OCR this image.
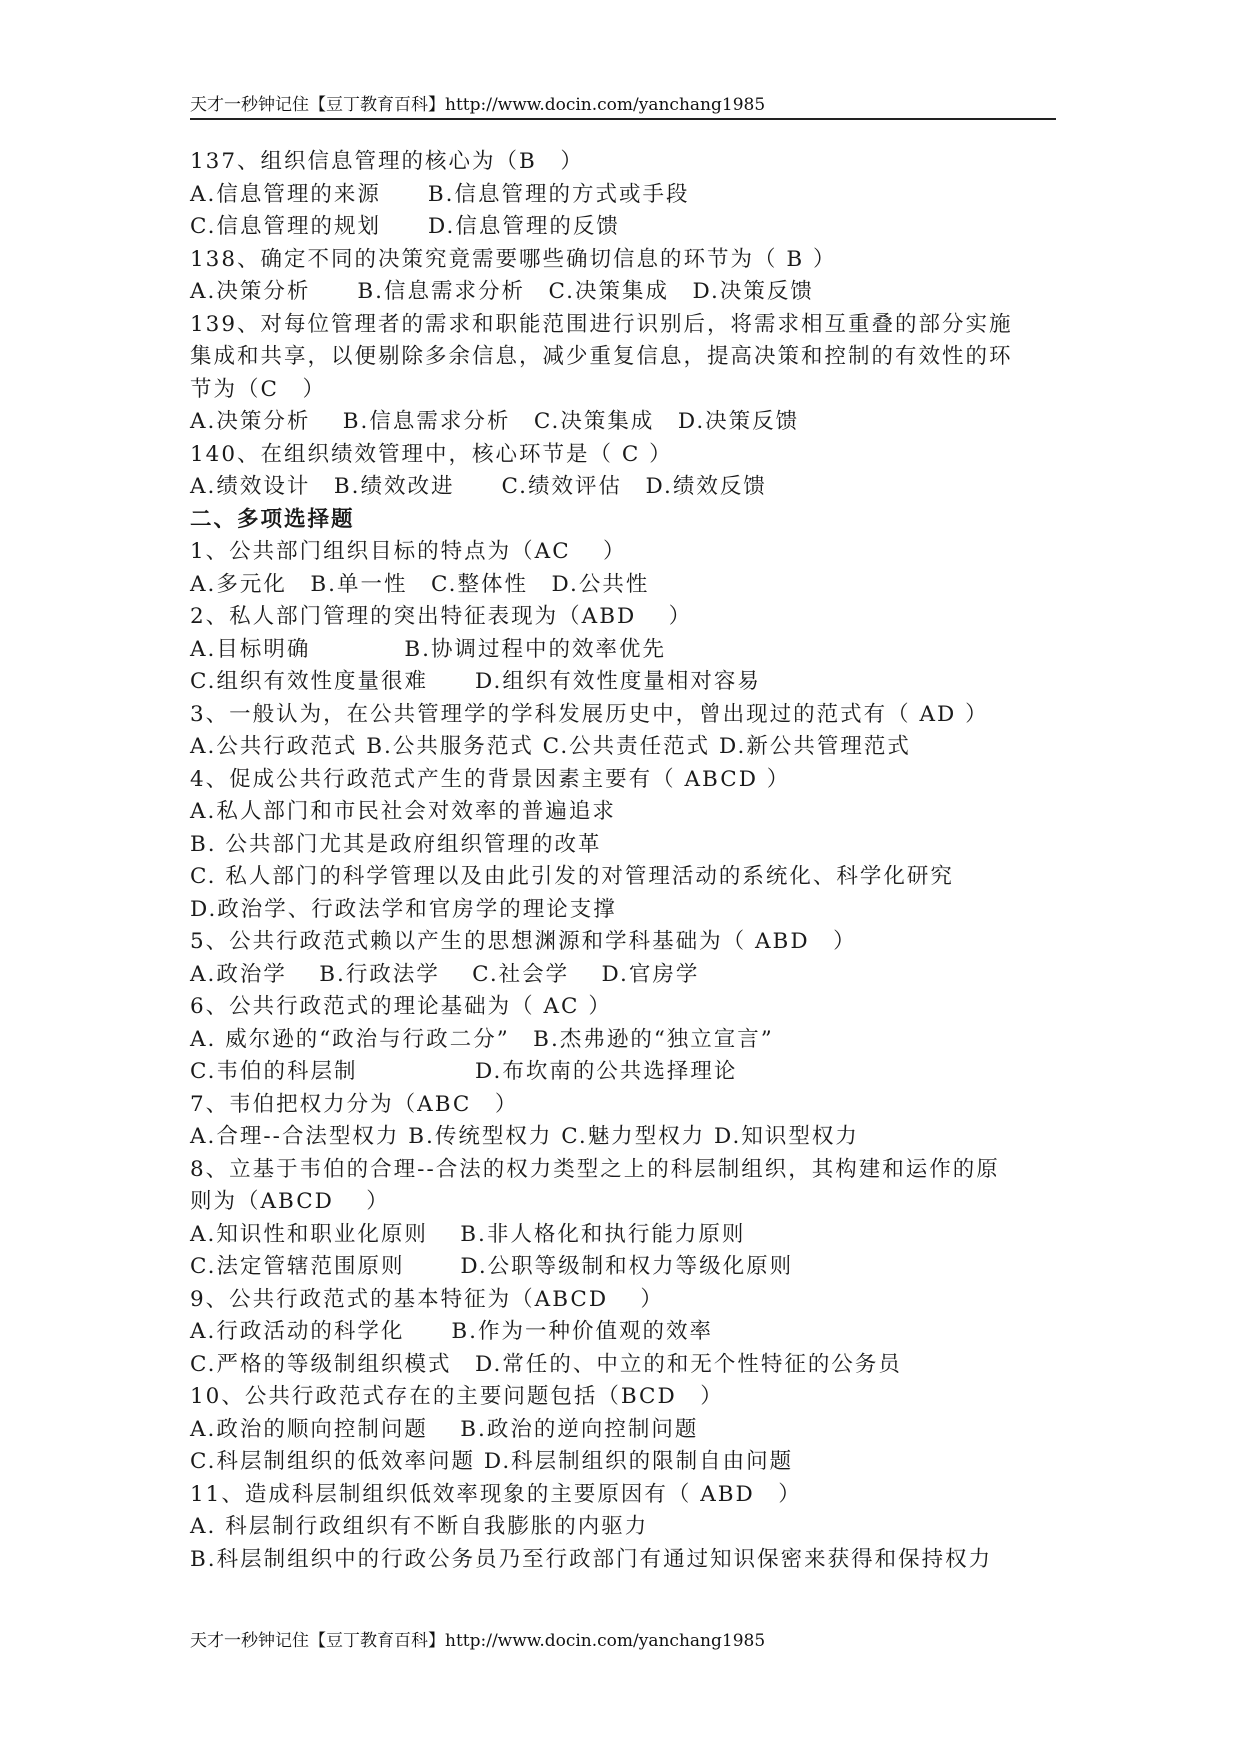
天才一秒钟记住【豆丁教育百科】http://www.docin.com/yanchang1985
137、组织信息管理的核心为（B　）
A.信息管理的来源　　B.信息管理的方式或手段
C.信息管理的规划　　D.信息管理的反馈
138、确定不同的决策究竟需要哪些确切信息的环节为（ B ）
A.决策分析　　B.信息需求分析　C.决策集成　D.决策反馈
139、对每位管理者的需求和职能范围进行识别后，将需求相互重叠的部分实施
集成和共享，以便剔除多余信息，减少重复信息，提高决策和控制的有效性的环
节为（C　）
A.决策分析　 B.信息需求分析　C.决策集成　D.决策反馈
140、在组织绩效管理中，核心环节是（ C ）
A.绩效设计　B.绩效改进　　C.绩效评估　D.绩效反馈
二、多项选择题
1、公共部门组织目标的特点为（AC　 ）
A.多元化　B.单一性　C.整体性　D.公共性
2、私人部门管理的突出特征表现为（ABD　 ）
A.目标明确　　　　B.协调过程中的效率优先
C.组织有效性度量很难　　D.组织有效性度量相对容易
3、一般认为，在公共管理学的学科发展历史中，曾出现过的范式有（ AD ）
A.公共行政范式 B.公共服务范式 C.公共责任范式 D.新公共管理范式
4、促成公共行政范式产生的背景因素主要有（ ABCD ）
A.私人部门和市民社会对效率的普遍追求
B. 公共部门尤其是政府组织管理的改革
C. 私人部门的科学管理以及由此引发的对管理活动的系统化、科学化研究
D.政治学、行政法学和官房学的理论支撑
5、公共行政范式赖以产生的思想渊源和学科基础为（ ABD　）
A.政治学　 B.行政法学　 C.社会学　 D.官房学
6、公共行政范式的理论基础为（ AC ）
A. 威尔逊的“政治与行政二分”　B.杰弗逊的“独立宣言”
C.韦伯的科层制　　　　　D.布坎南的公共选择理论
7、韦伯把权力分为（ABC　）
A.合理--合法型权力 B.传统型权力 C.魅力型权力 D.知识型权力
8、立基于韦伯的合理--合法的权力类型之上的科层制组织，其构建和运作的原
则为（ABCD　 ）
A.知识性和职业化原则　 B.非人格化和执行能力原则
C.法定管辖范围原则　　 D.公职等级制和权力等级化原则
9、公共行政范式的基本特征为（ABCD　 ）
A.行政活动的科学化　　B.作为一种价值观的效率
C.严格的等级制组织模式　D.常任的、中立的和无个性特征的公务员
10、公共行政范式存在的主要问题包括（BCD　）
A.政治的顺向控制问题　 B.政治的逆向控制问题
C.科层制组织的低效率问题 D.科层制组织的限制自由问题
11、造成科层制组织低效率现象的主要原因有（ ABD　）
A. 科层制行政组织有不断自我膨胀的内驱力
B.科层制组织中的行政公务员乃至行政部门有通过知识保密来获得和保持权力
天才一秒钟记住【豆丁教育百科】http://www.docin.com/yanchang1985
